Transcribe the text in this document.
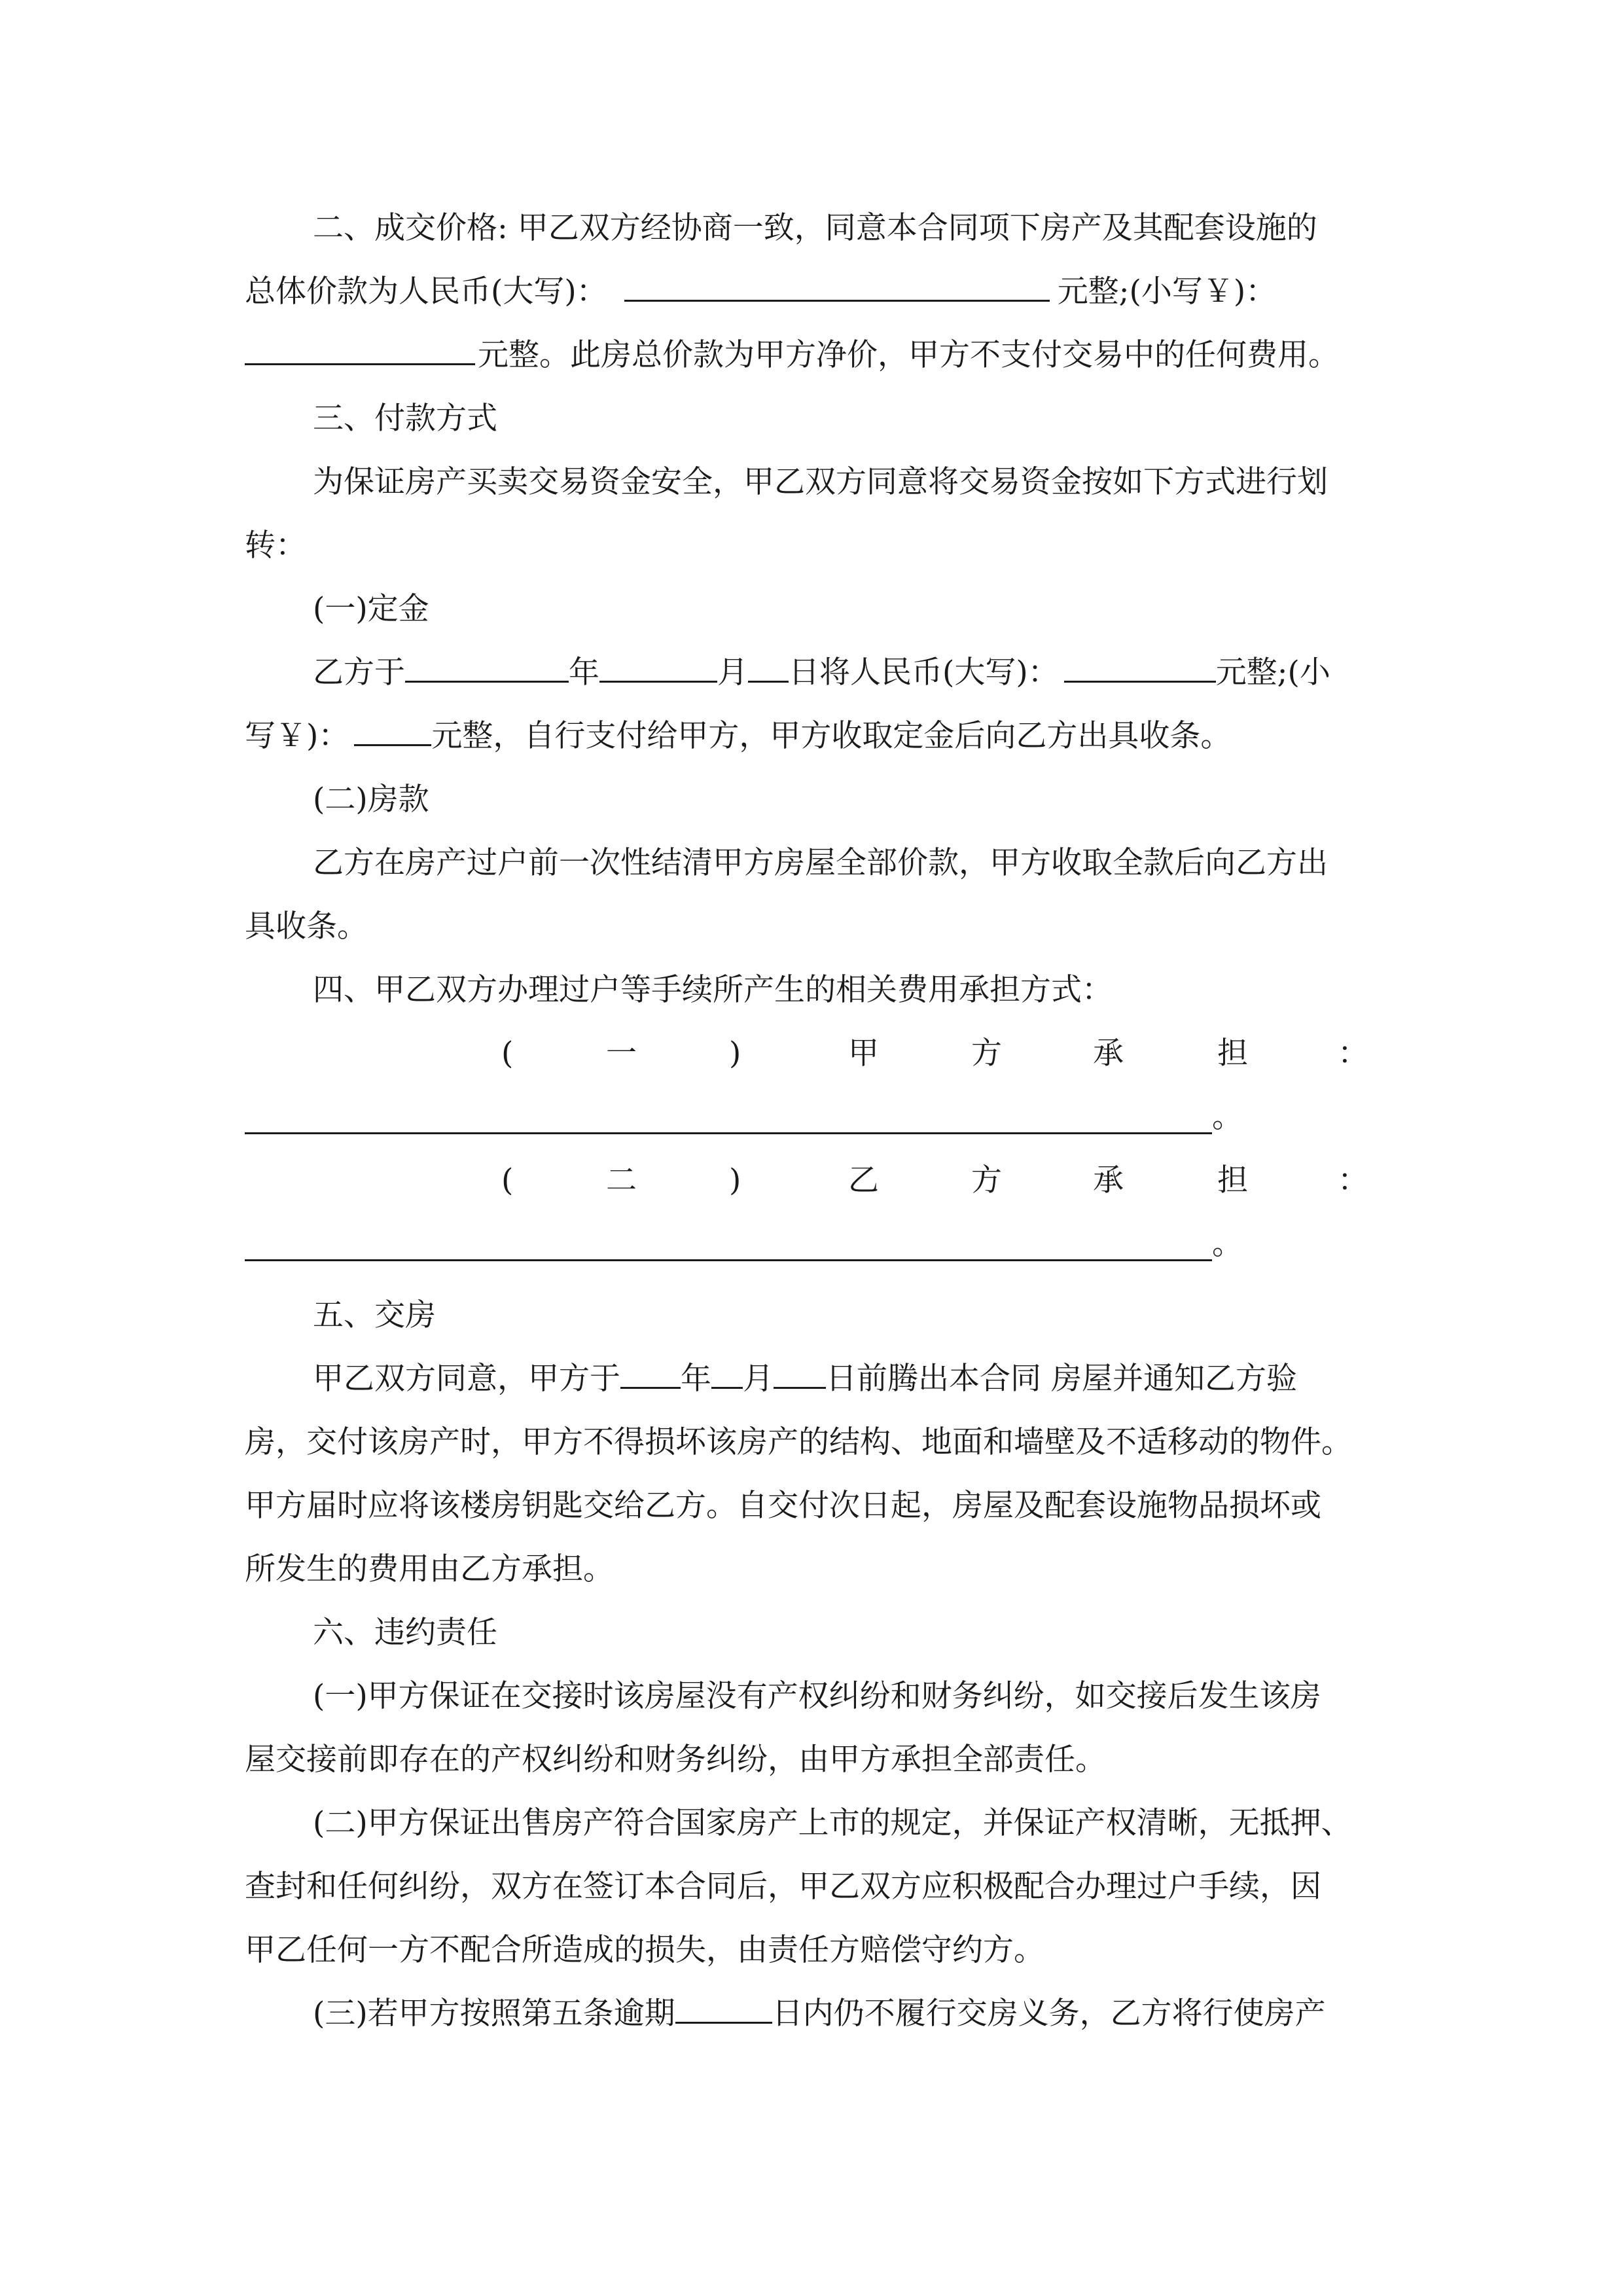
二、成交价格: 甲乙双方经协商一致，同意本合同项下房产及其配套设施的
总体价款为人民币(大写)：	元整;(小写￥)：
元整。此房总价款为甲方净价，甲方不支付交易中的任何费用。
三、付款方式
为保证房产买卖交易资金安全，甲乙双方同意将交易资金按如下方式进行划
转：
(一)定金
乙方于	年	月 日将人民币(大写)：	元整;(小
写￥)：	元整，自行支付给甲方，甲方收取定金后向乙方出具收条。
(二)房款
乙方在房产过户前一次性结清甲方房屋全部价款，甲方收取全款后向乙方出
具收条。
四、甲乙双方办理过户等手续所产生的相关费用承担方式：
(	一	)	甲	方	承	担	：
。
(	二	)	乙	方	承	担	：
。
五、交房
甲乙双方同意，甲方于 年 月 日前腾出本合同 房屋并通知乙方验
房，交付该房产时，甲方不得损坏该房产的结构、地面和墙壁及不适移动的物件。
甲方届时应将该楼房钥匙交给乙方。自交付次日起，房屋及配套设施物品损坏或
所发生的费用由乙方承担。
六、违约责任
(一)甲方保证在交接时该房屋没有产权纠纷和财务纠纷，如交接后发生该房
屋交接前即存在的产权纠纷和财务纠纷，由甲方承担全部责任。
(二)甲方保证出售房产符合国家房产上市的规定，并保证产权清晰，无抵押、
查封和任何纠纷，双方在签订本合同后，甲乙双方应积极配合办理过户手续，因
甲乙任何一方不配合所造成的损失，由责任方赔偿守约方。
(三)若甲方按照第五条逾期	日内仍不履行交房义务，乙方将行使房产
